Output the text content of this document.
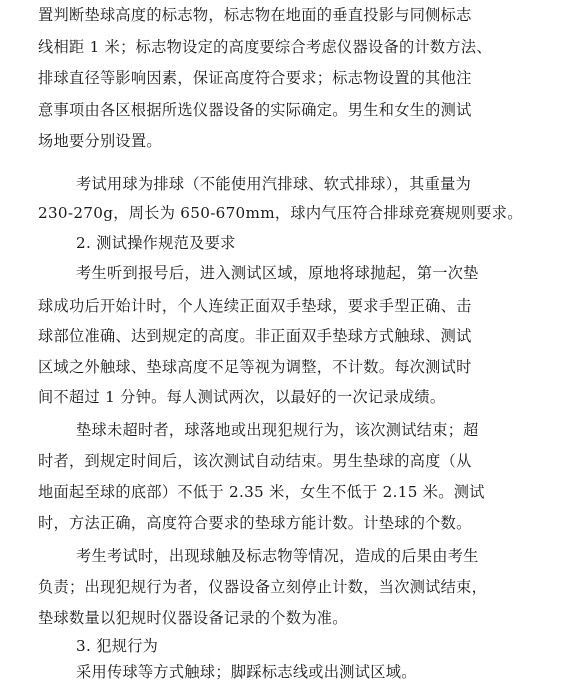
置判断垫球高度的标志物，标志物在地面的垂直投影与同侧标志
线相距 1 米；标志物设定的高度要综合考虑仪器设备的计数方法、
排球直径等影响因素，保证高度符合要求；标志物设置的其他注
意事项由各区根据所选仪器设备的实际确定。男生和女生的测试
场地要分别设置。
考试用球为排球（不能使用汽排球、软式排球），其重量为
230-270g，周长为 650-670mm，球内气压符合排球竞赛规则要求。
2. 测试操作规范及要求
考生听到报号后，进入测试区域，原地将球抛起，第一次垫
球成功后开始计时，个人连续正面双手垫球，要求手型正确、击
球部位准确、达到规定的高度。非正面双手垫球方式触球、测试
区域之外触球、垫球高度不足等视为调整，不计数。每次测试时
间不超过 1 分钟。每人测试两次，以最好的一次记录成绩。
垫球未超时者，球落地或出现犯规行为，该次测试结束；超
时者，到规定时间后，该次测试自动结束。男生垫球的高度（从
地面起至球的底部）不低于 2.35 米，女生不低于 2.15 米。测试
时，方法正确，高度符合要求的垫球方能计数。计垫球的个数。
考生考试时，出现球触及标志物等情况，造成的后果由考生
负责；出现犯规行为者，仪器设备立刻停止计数，当次测试结束，
垫球数量以犯规时仪器设备记录的个数为准。
3. 犯规行为
采用传球等方式触球；脚踩标志线或出测试区域。
